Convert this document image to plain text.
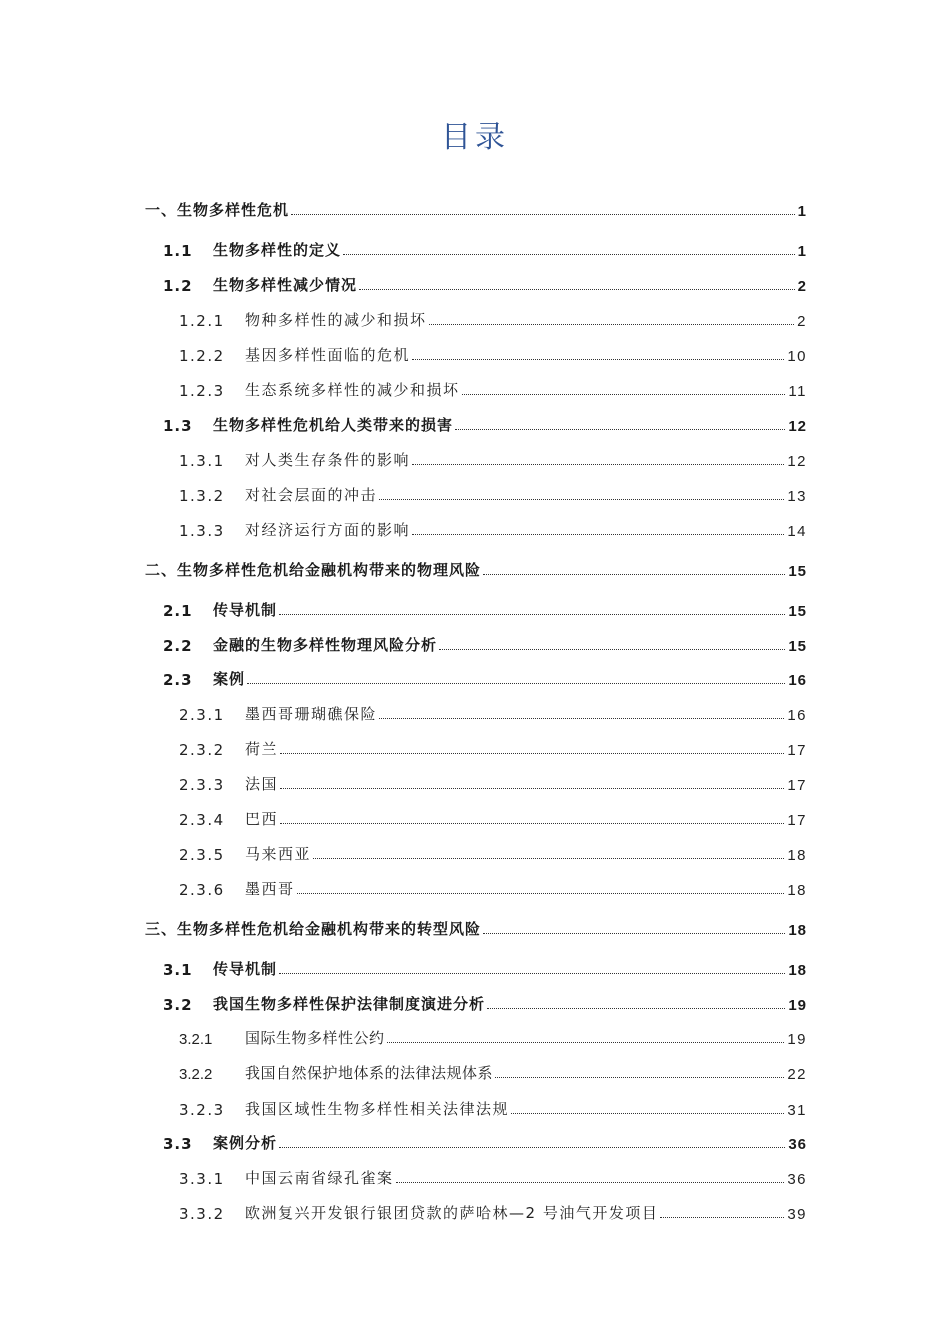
目录
一、 生物多样性危机	1
1.1	生物多样性的定义	1
1.2	生物多样性减少情况	2
1.2.1	物种多样性的减少和损坏	2
1.2.2	基因多样性面临的危机	10
1.2.3	生态系统多样性的减少和损坏	11
1.3	生物多样性危机给人类带来的损害	12
1.3.1	对人类生存条件的影响	12
1.3.2	对社会层面的冲击	13
1.3.3	对经济运行方面的影响	14
二、 生物多样性危机给金融机构带来的物理风险	15
2.1	传导机制	15
2.2	金融的生物多样性物理风险分析	15
2.3	案例	16
2.3.1	墨西哥珊瑚礁保险	16
2.3.2	荷兰	17
2.3.3	法国	17
2.3.4	巴西	17
2.3.5	马来西亚	18
2.3.6	墨西哥	18
三、 生物多样性危机给金融机构带来的转型风险	18
3.1	传导机制	18
3.2	我国生物多样性保护法律制度演进分析	19
3.2.1	国际生物多样性公约	19
3.2.2	我国自然保护地体系的法律法规体系	22
3.2.3	我国区域性生物多样性相关法律法规	31
3.3	案例分析	36
3.3.1	中国云南省绿孔雀案	36
3.3.2	欧洲复兴开发银行银团贷款的萨哈林—2 号油气开发项目	39
